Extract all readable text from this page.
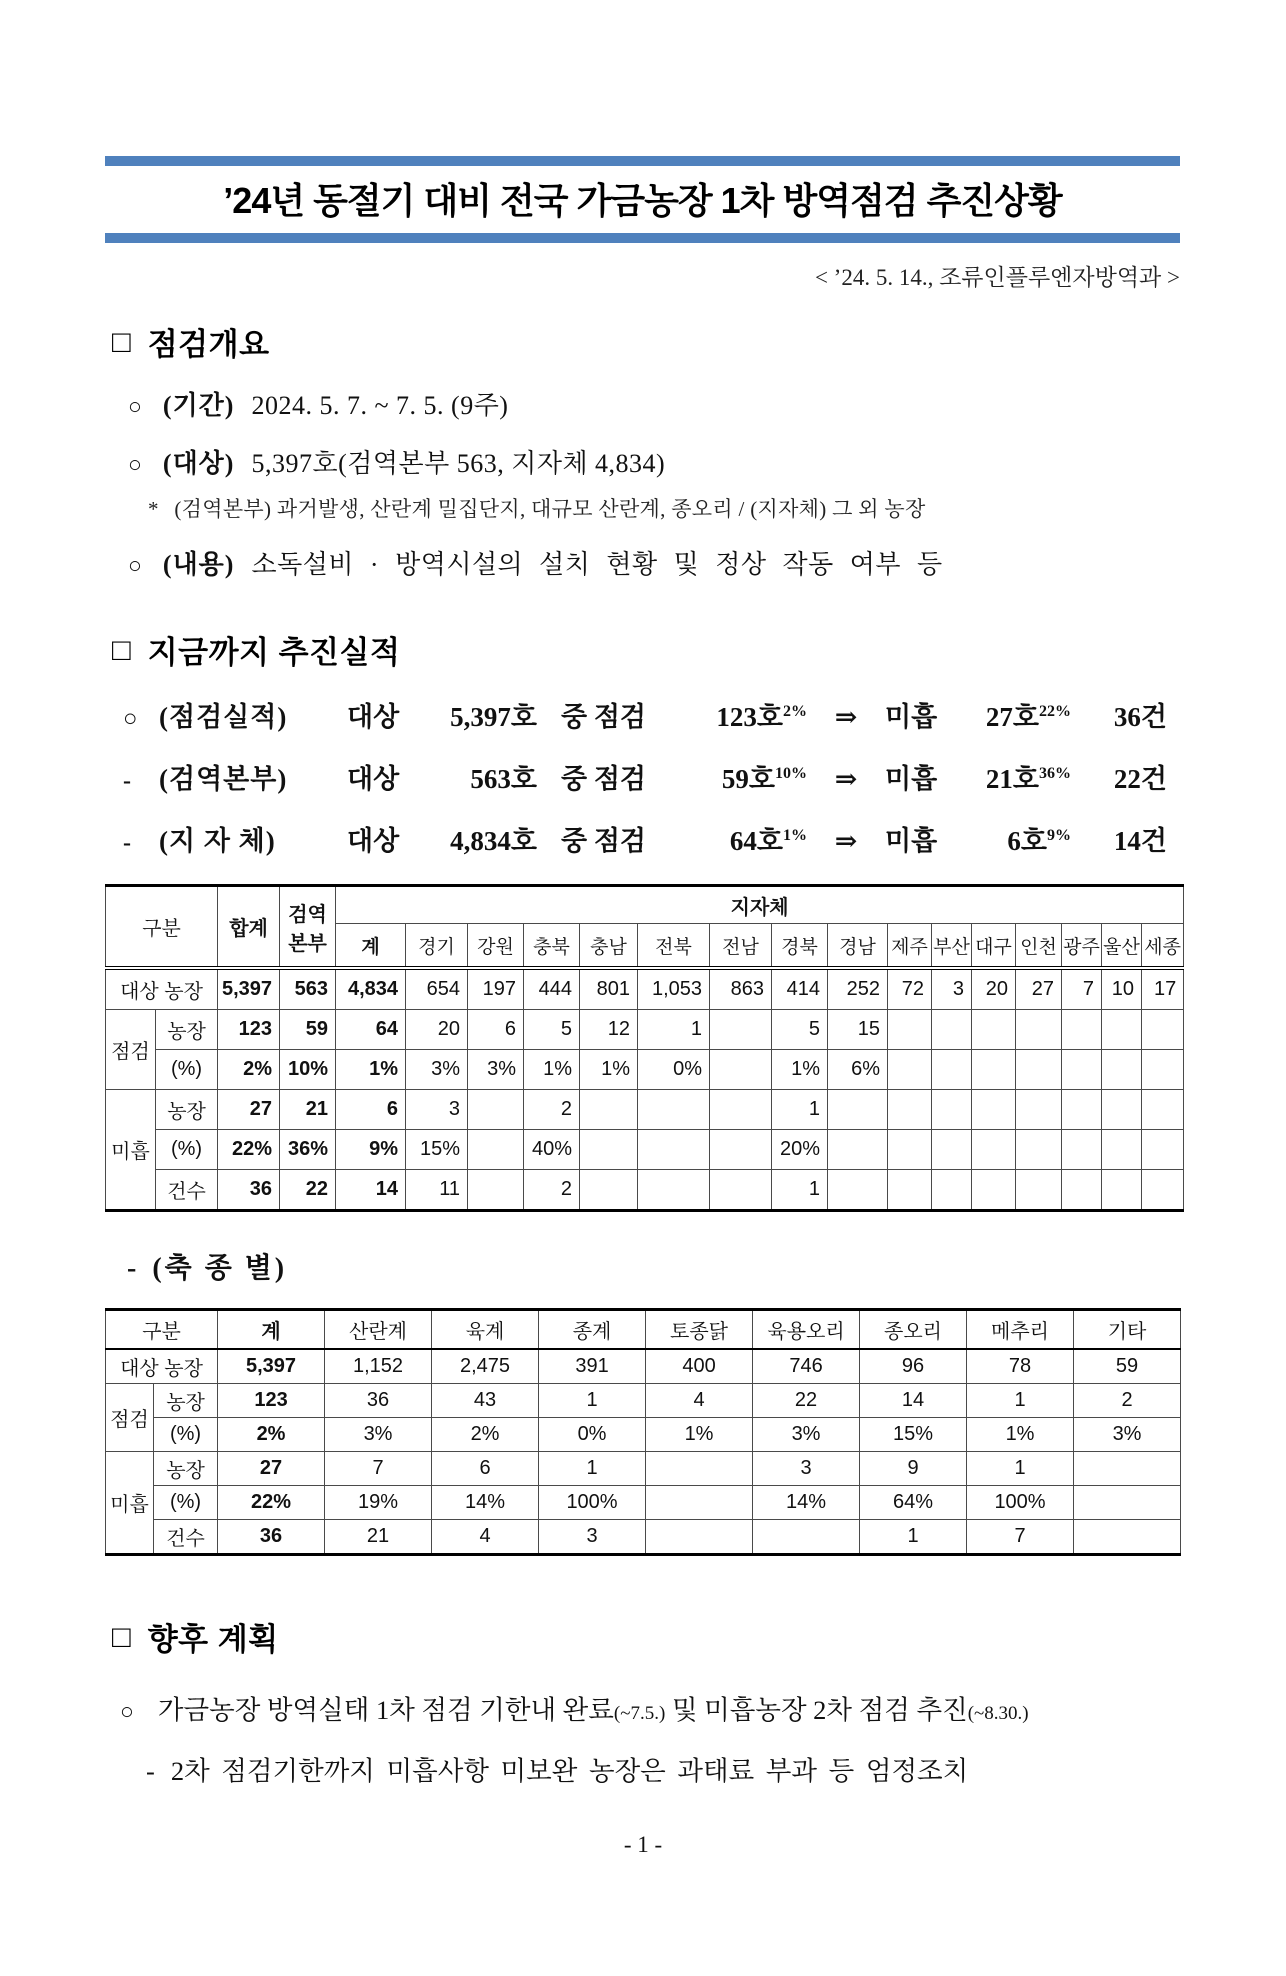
’24년 동절기 대비 전국 가금농장 1차 방역점검 추진상황
< ’24. 5. 14., 조류인플루엔자방역과 >
□ 점검개요
○ (기간) 2024. 5. 7. ~ 7. 5. (9주)
○ (대상) 5,397호(검역본부 563, 지자체 4,834)
* (검역본부) 과거발생, 산란계 밀집단지, 대규모 산란계, 종오리 / (지자체) 그 외 농장
○ (내용) 소독설비 · 방역시설의 설치 현황 및 정상 작동 여부 등
□ 지금까지 추진실적
○ (점검실적)	대상	5,397호 중 점검	123호$^{2\%}$	⇒	미흡	27호$^{22\%}$	36건
-	(검역본부)	대상	563호 중 점검	59호$^{10\%}$	⇒	미흡	21호$^{36\%}$	22건
-	(지 자 체)	대상	4,834호 중 점검	64호$^{1\%}$	⇒	미흡	6호$^{9\%}$	14건
구분		합계	검역본부	지자체															
				계	경기	강원	충북	충남	전북	전남	경북	경남	제주	부산	대구	인천	광주	울산	세종
대상 농장		5,397	563	4,834	654	197	444	801	1,053	863	414	252	72	3	20	27	7	10	17
점검	농장	123	59	64	20	6	5	12	1		5	15							
	(%)	2%	10%	1%	3%	3%	1%	1%	0%		1%	6%							
미흡	농장	27	21	6	3		2				1								
	(%)	22%	36%	9%	15%		40%				20%								
	건수	36	22	14	11		2				1								
- (축 종 별)
구분		계	산란계	육계	종계	토종닭	육용오리	종오리	메추리	기타
대상 농장		5,397	1,152	2,475	391	400	746	96	78	59
점검	농장	123	36	43	1	4	22	14	1	2
	(%)	2%	3%	2%	0%	1%	3%	15%	1%	3%
미흡	농장	27	7	6	1		3	9	1	
	(%)	22%	19%	14%	100%		14%	64%	100%	
	건수	36	21	4	3			1	7	
□ 향후 계획
○ 가금농장 방역실태 1차 점검 기한내 완료(~7.5.) 및 미흡농장 2차 점검 추진(~8.30.)
- 2차 점검기한까지 미흡사항 미보완 농장은 과태료 부과 등 엄정조치
- 1 -
